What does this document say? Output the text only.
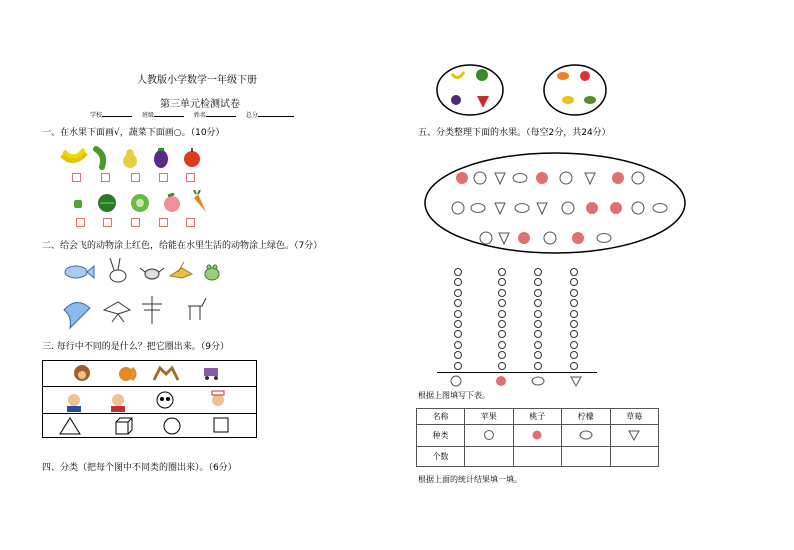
人教版小学数学一年级下册
第三单元检测试卷
学校	班级	姓名	总分
一、在水果下面画√，蔬菜下面画○。（10分）
二、给会飞的动物涂上红色，给能在水里生活的动物涂上绿色。（7分）
三. 每行中不同的是什么？把它圈出来。（9分）
四、分类（把每个图中不同类的圈出来）。（6分）
五、分类整理下面的水果。（每空2分，共24分）
根据上图填写下表。
名称	苹果	桃子	柠檬	草莓
种类				
个数				
根据上面的统计结果填一填。
